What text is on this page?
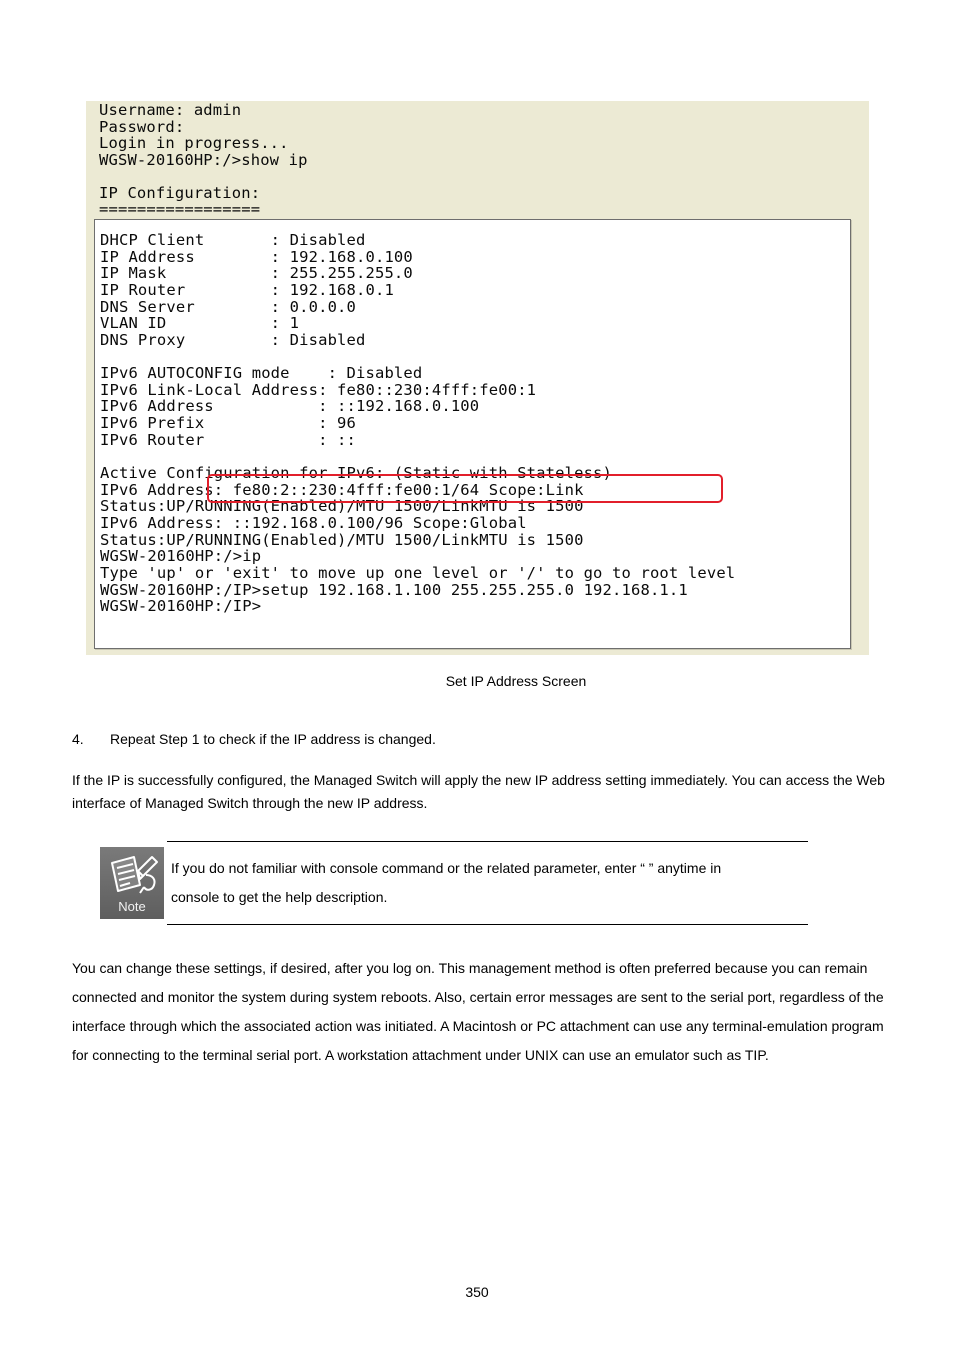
Username: admin
Password:
Login in progress...
WGSW-20160HP:/>show ip
IP Configuration:
=================
DHCP Client       : Disabled
IP Address        : 192.168.0.100
IP Mask           : 255.255.255.0
IP Router         : 192.168.0.1
DNS Server        : 0.0.0.0
VLAN ID           : 1
DNS Proxy         : Disabled
IPv6 AUTOCONFIG mode    : Disabled
IPv6 Link-Local Address: fe80::230:4fff:fe00:1
IPv6 Address           : ::192.168.0.100
IPv6 Prefix            : 96
IPv6 Router            : ::
Active Configuration for IPv6: (Static with Stateless)
IPv6 Address: fe80:2::230:4fff:fe00:1/64 Scope:Link
Status:UP/RUNNING(Enabled)/MTU 1500/LinkMTU is 1500
IPv6 Address: ::192.168.0.100/96 Scope:Global
Status:UP/RUNNING(Enabled)/MTU 1500/LinkMTU is 1500
WGSW-20160HP:/>ip
Type 'up' or 'exit' to move up one level or '/' to go to root level
WGSW-20160HP:/IP>setup 192.168.1.100 255.255.255.0 192.168.1.1
WGSW-20160HP:/IP>
Set IP Address Screen
4. Repeat Step 1 to check if the IP address is changed.
If the IP is successfully configured, the Managed Switch will apply the new IP address setting immediately. You can access the Web interface of Managed Switch through the new IP address.
Note
If you do not familiar with console command or the related parameter, enter “ ” anytime in
console to get the help description.
You can change these settings, if desired, after you log on. This management method is often preferred because you can remain connected and monitor the system during system reboots. Also, certain error messages are sent to the serial port, regardless of the interface through which the associated action was initiated. A Macintosh or PC attachment can use any terminal-emulation program for connecting to the terminal serial port. A workstation attachment under UNIX can use an emulator such as TIP.
350
